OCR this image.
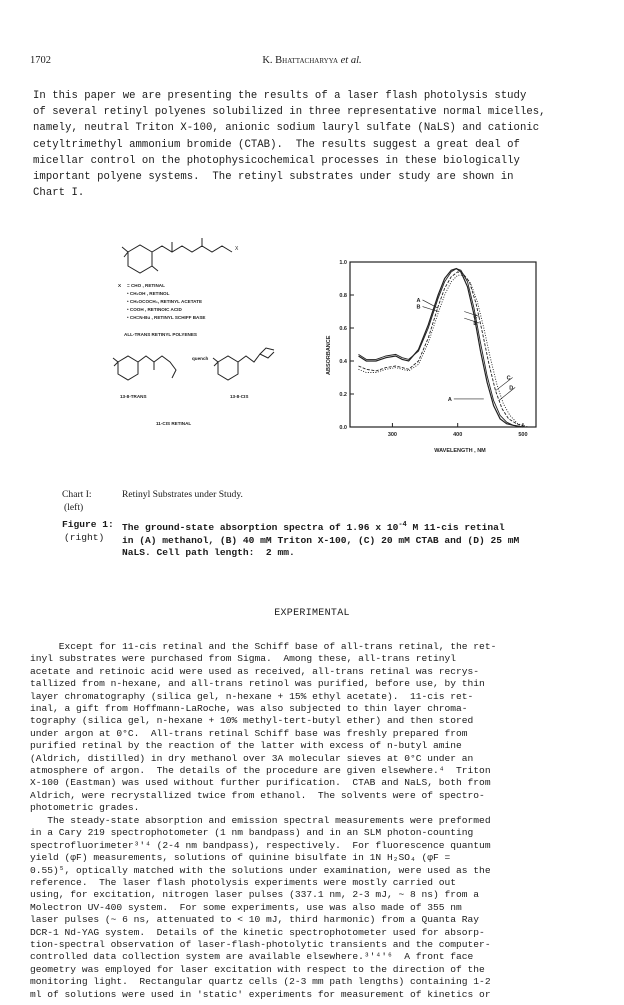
1702	K. Bhattacharyya et al.
In this paper we are presenting the results of a laser flash photolysis study
of several retinyl polyenes solubilized in three representative normal micelles,
namely, neutral Triton X-100, anionic sodium lauryl sulfate (NaLS) and cationic
cetyltrimethyl ammonium bromide (CTAB).  The results suggest a great deal of
micellar control on the photophysicochemical processes in these biologically
important polyene systems.  The retinyl substrates under study are shown in
Chart I.
X
X = CHO , RETINAL
• CH₂OH , RETINOL
• CH₂OCOCH₃, RETINYL ACETATE
• COOH , RETINOIC ACID
• CH=N-Bu , RETINYL SCHIFF BASE
ALL-TRANS RETINYL POLYENES
quench
13-8-TRANS	13-8-CIS
11-CIS RETINAL
0.0
0.2
0.4
0.6
0.8
1.0
300	400	500
A
B
C
D
A
C
D
ABSORBANCE
WAVELENGTH , NM
Chart I:
(left)
Retinyl Substrates under Study.
Figure 1:
(right)
The ground-state absorption spectra of 1.96 x $10^{-4}$ M 11-cis retinal
in (A) methanol, (B) 40 mM Triton X-100, (C) 20 mM CTAB and (D) 25 mM
NaLS. Cell path length:  2 mm.
EXPERIMENTAL
Except for 11-cis retinal and the Schiff base of all-trans retinal, the ret-
inyl substrates were purchased from Sigma.  Among these, all-trans retinyl
acetate and retinoic acid were used as received, all-trans retinal was recrys-
tallized from n-hexane, and all-trans retinol was purified, before use, by thin
layer chromatography (silica gel, n-hexane + 15% ethyl acetate).  11-cis ret-
inal, a gift from Hoffmann-LaRoche, was also subjected to thin layer chroma-
tography (silica gel, n-hexane + 10% methyl-tert-butyl ether) and then stored
under argon at 0°C.  All-trans retinal Schiff base was freshly prepared from
purified retinal by the reaction of the latter with excess of n-butyl amine
(Aldrich, distilled) in dry methanol over 3A molecular sieves at 0°C under an
atmosphere of argon.  The details of the procedure are given elsewhere.⁴  Triton
X-100 (Eastman) was used without further purification.  CTAB and NaLS, both from
Aldrich, were recrystallized twice from ethanol.  The solvents were of spectro-
photometric grades.
The steady-state absorption and emission spectral measurements were preformed
in a Cary 219 spectrophotometer (1 nm bandpass) and in an SLM photon-counting
spectrofluorimeter³'⁴ (2-4 nm bandpass), respectively.  For fluorescence quantum
yield (φF) measurements, solutions of quinine bisulfate in 1N H₂SO₄ (φF =
0.55)⁵, optically matched with the solutions under examination, were used as the
reference.  The laser flash photolysis experiments were mostly carried out
using, for excitation, nitrogen laser pulses (337.1 nm, 2-3 mJ, ~ 8 ns) from a
Molectron UV-400 system.  For some experiments, use was also made of 355 nm
laser pulses (~ 6 ns, attenuated to < 10 mJ, third harmonic) from a Quanta Ray
DCR-1 Nd-YAG system.  Details of the kinetic spectrophotometer used for absorp-
tion-spectral observation of laser-flash-photolytic transients and the computer-
controlled data collection system are available elsewhere.³'⁴'⁶  A front face
geometry was employed for laser excitation with respect to the direction of the
monitoring light.  Rectangular quartz cells (2-3 mm path lengths) containing 1-2
ml of solutions were used in 'static' experiments for measurement of kinetics or
